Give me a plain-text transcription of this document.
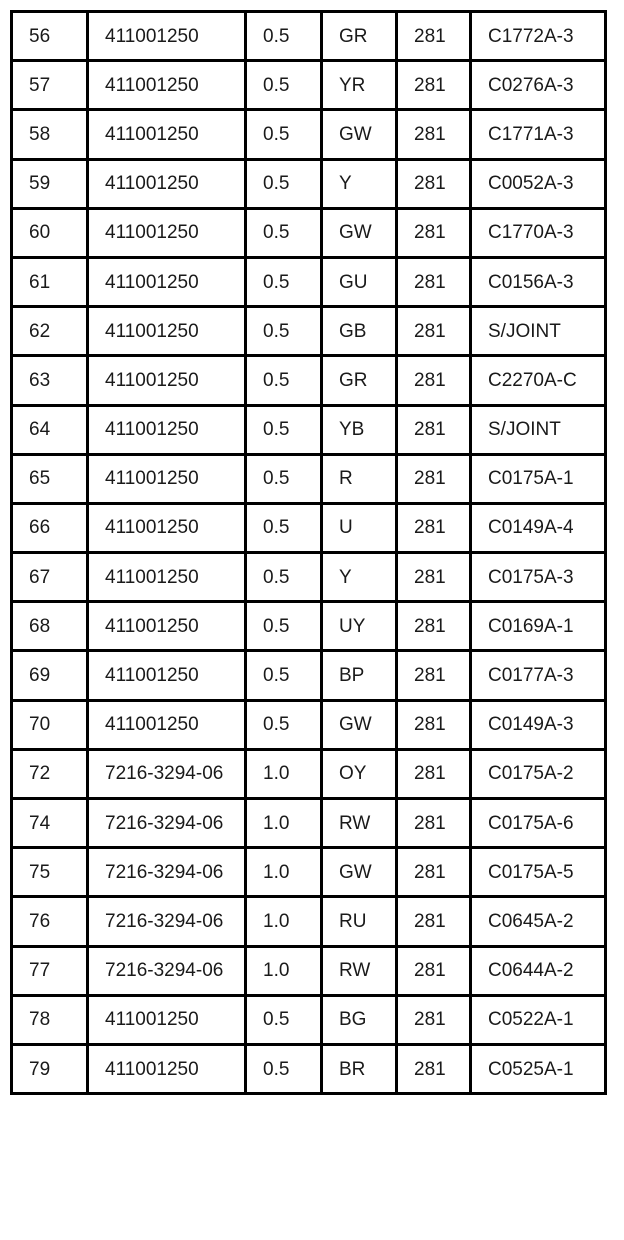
56	411001250	0.5	GR	281	C1772A-3
57	411001250	0.5	YR	281	C0276A-3
58	411001250	0.5	GW	281	C1771A-3
59	411001250	0.5	Y	281	C0052A-3
60	411001250	0.5	GW	281	C1770A-3
61	411001250	0.5	GU	281	C0156A-3
62	411001250	0.5	GB	281	S/JOINT
63	411001250	0.5	GR	281	C2270A-C
64	411001250	0.5	YB	281	S/JOINT
65	411001250	0.5	R	281	C0175A-1
66	411001250	0.5	U	281	C0149A-4
67	411001250	0.5	Y	281	C0175A-3
68	411001250	0.5	UY	281	C0169A-1
69	411001250	0.5	BP	281	C0177A-3
70	411001250	0.5	GW	281	C0149A-3
72	7216-3294-06	1.0	OY	281	C0175A-2
74	7216-3294-06	1.0	RW	281	C0175A-6
75	7216-3294-06	1.0	GW	281	C0175A-5
76	7216-3294-06	1.0	RU	281	C0645A-2
77	7216-3294-06	1.0	RW	281	C0644A-2
78	411001250	0.5	BG	281	C0522A-1
79	411001250	0.5	BR	281	C0525A-1
